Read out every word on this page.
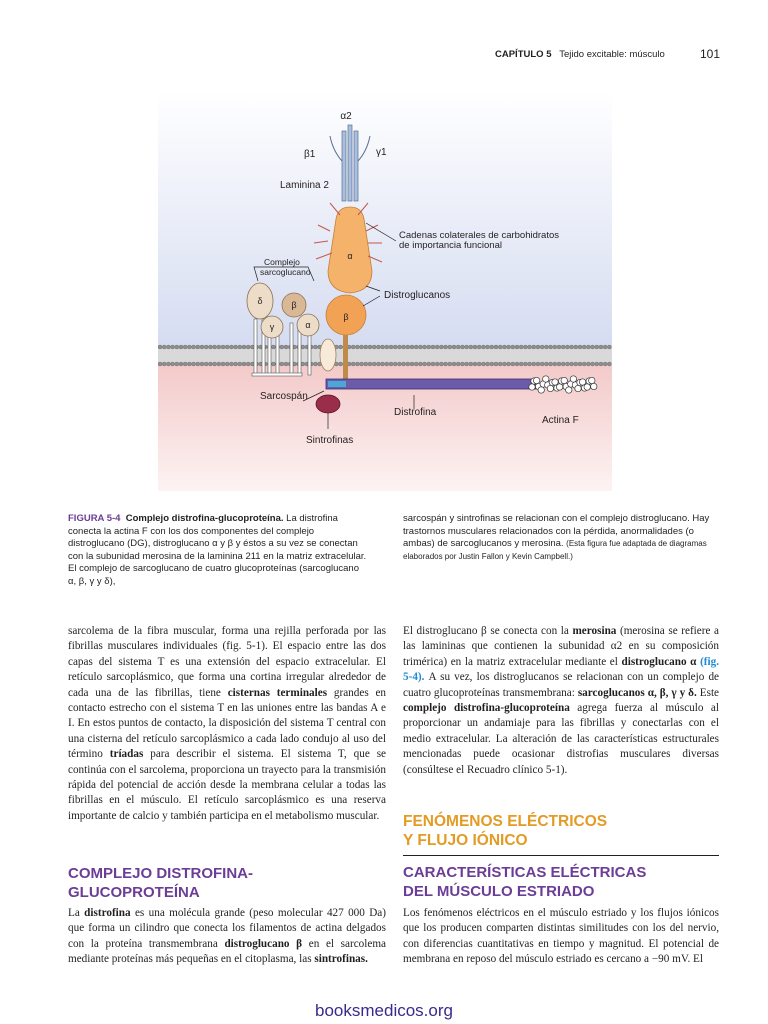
CAPÍTULO 5 Tejido excitable: músculo	101
α
β
δ	β
γ	α
α2
β1	γ1
Laminina 2
Cadenas colaterales de carbohidratos
de importancia funcional
Complejo
sarcoglucano
Distroglucanos
Sarcospán
Distrofina
Actina F
Sintrofinas
FIGURA 5-4 Complejo distrofina-glucoproteína. La distrofina conecta la actina F con los dos componentes del complejo distroglucano (DG), distroglucano α y β y éstos a su vez se conectan con la subunidad merosina de la laminina 211 en la matriz extracelular. El complejo de sarcoglucano de cuatro glucoproteínas (sarcoglucano α, β, γ y δ),
sarcospán y sintrofinas se relacionan con el complejo distroglucano. Hay trastornos musculares relacionados con la pérdida, anormalidades (o ambas) de sarcoglucanos y merosina. (Esta figura fue adaptada de diagramas elaborados por Justin Fallon y Kevin Campbell.)
sarcolema de la fibra muscular, forma una rejilla perforada por las fibrillas musculares individuales (fig. 5-1). El espacio entre las dos capas del sistema T es una extensión del espacio extracelular. El retículo sarcoplásmico, que forma una cortina irregular alrededor de cada una de las fibrillas, tiene cisternas terminales grandes en contacto estrecho con el sistema T en las uniones entre las bandas A e I. En estos puntos de contacto, la disposición del sistema T central con una cisterna del retículo sarcoplásmico a cada lado condujo al uso del término tríadas para describir el sistema. El sistema T, que se continúa con el sarcolema, proporciona un trayecto para la transmisión rápida del potencial de acción desde la membrana celular a todas las fibrillas en el músculo. El retículo sarcoplásmico es una reserva importante de calcio y también participa en el metabolismo muscular.
COMPLEJO DISTROFINA-
GLUCOPROTEÍNA
La distrofina es una molécula grande (peso molecular 427 000 Da) que forma un cilindro que conecta los filamentos de actina delgados con la proteína transmembrana distroglucano β en el sarcolema mediante proteínas más pequeñas en el citoplasma, las sintrofinas.
El distroglucano β se conecta con la merosina (merosina se refiere a las lamininas que contienen la subunidad α2 en su composición trimérica) en la matriz extracelular mediante el distroglucano α (fig. 5-4). A su vez, los distroglucanos se relacionan con un complejo de cuatro glucoproteínas transmembrana: sarcoglucanos α, β, γ y δ. Este complejo distrofina-glucoproteína agrega fuerza al músculo al proporcionar un andamiaje para las fibrillas y conectarlas con el medio extracelular. La alteración de las características estructurales mencionadas puede ocasionar distrofias musculares diversas (consúltese el Recuadro clínico 5-1).
FENÓMENOS ELÉCTRICOS
Y FLUJO IÓNICO
CARACTERÍSTICAS ELÉCTRICAS
DEL MÚSCULO ESTRIADO
Los fenómenos eléctricos en el músculo estriado y los flujos iónicos que los producen comparten distintas similitudes con los del nervio, con diferencias cuantitativas en tiempo y magnitud. El potencial de membrana en reposo del músculo estriado es cercano a −90 mV. El
booksmedicos.org
